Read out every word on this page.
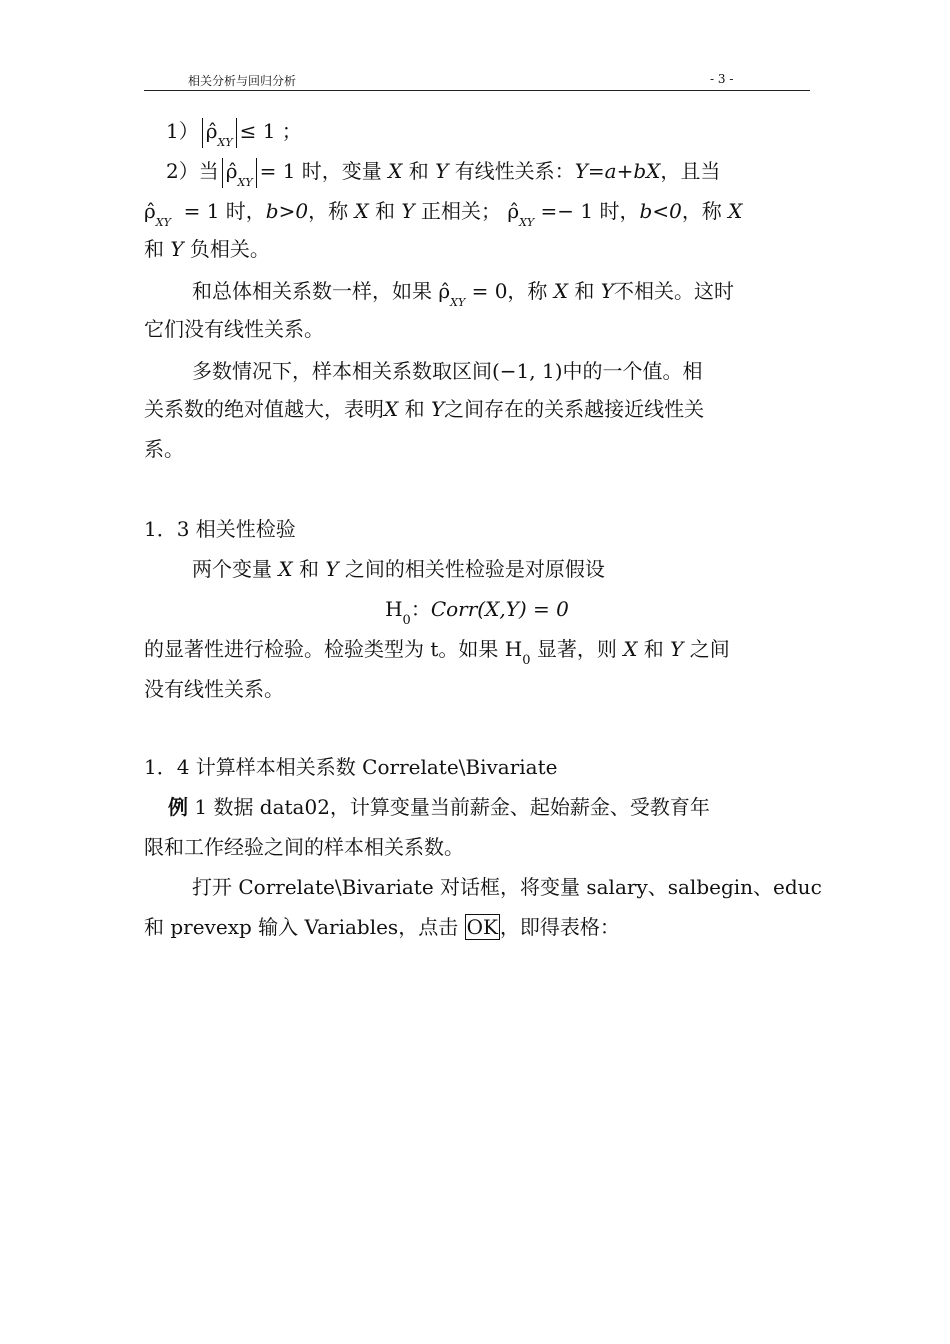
相关分析与回归分析	- 3 -
1） $\rhô_{XY} \le 1$ ；
2）当 $\rhô_{XY} = 1$ 时，变量 X 和 Y 有线性关系：Y=a+bX，且当
$\rhô_{XY} = 1$ 时，b>0，称 X 和 Y 正相关； $\rhô_{XY} =- 1$ 时，b<0，称 X
和 Y 负相关。
和总体相关系数一样，如果 $\rhô_{XY} = 0$，称 X 和 Y不相关。这时
它们没有线性关系。
多数情况下，样本相关系数取区间(−1, 1)中的一个值。相
关系数的绝对值越大，表明X 和 Y之间存在的关系越接近线性关
系。
1．3 相关性检验
两个变量 X 和 Y 之间的相关性检验是对原假设
$H_0$：Corr(X,Y) = 0
的显著性进行检验。检验类型为 t。如果 $H_0$ 显著，则 X 和 Y 之间
没有线性关系。
1．4 计算样本相关系数 Correlate\Bivariate
例 1 数据 data02，计算变量当前薪金、起始薪金、受教育年
限和工作经验之间的样本相关系数。
打开 Correlate\Bivariate 对话框，将变量 salary、salbegin、educ
和 prevexp 输入 Variables，点击 OK ，即得表格：
